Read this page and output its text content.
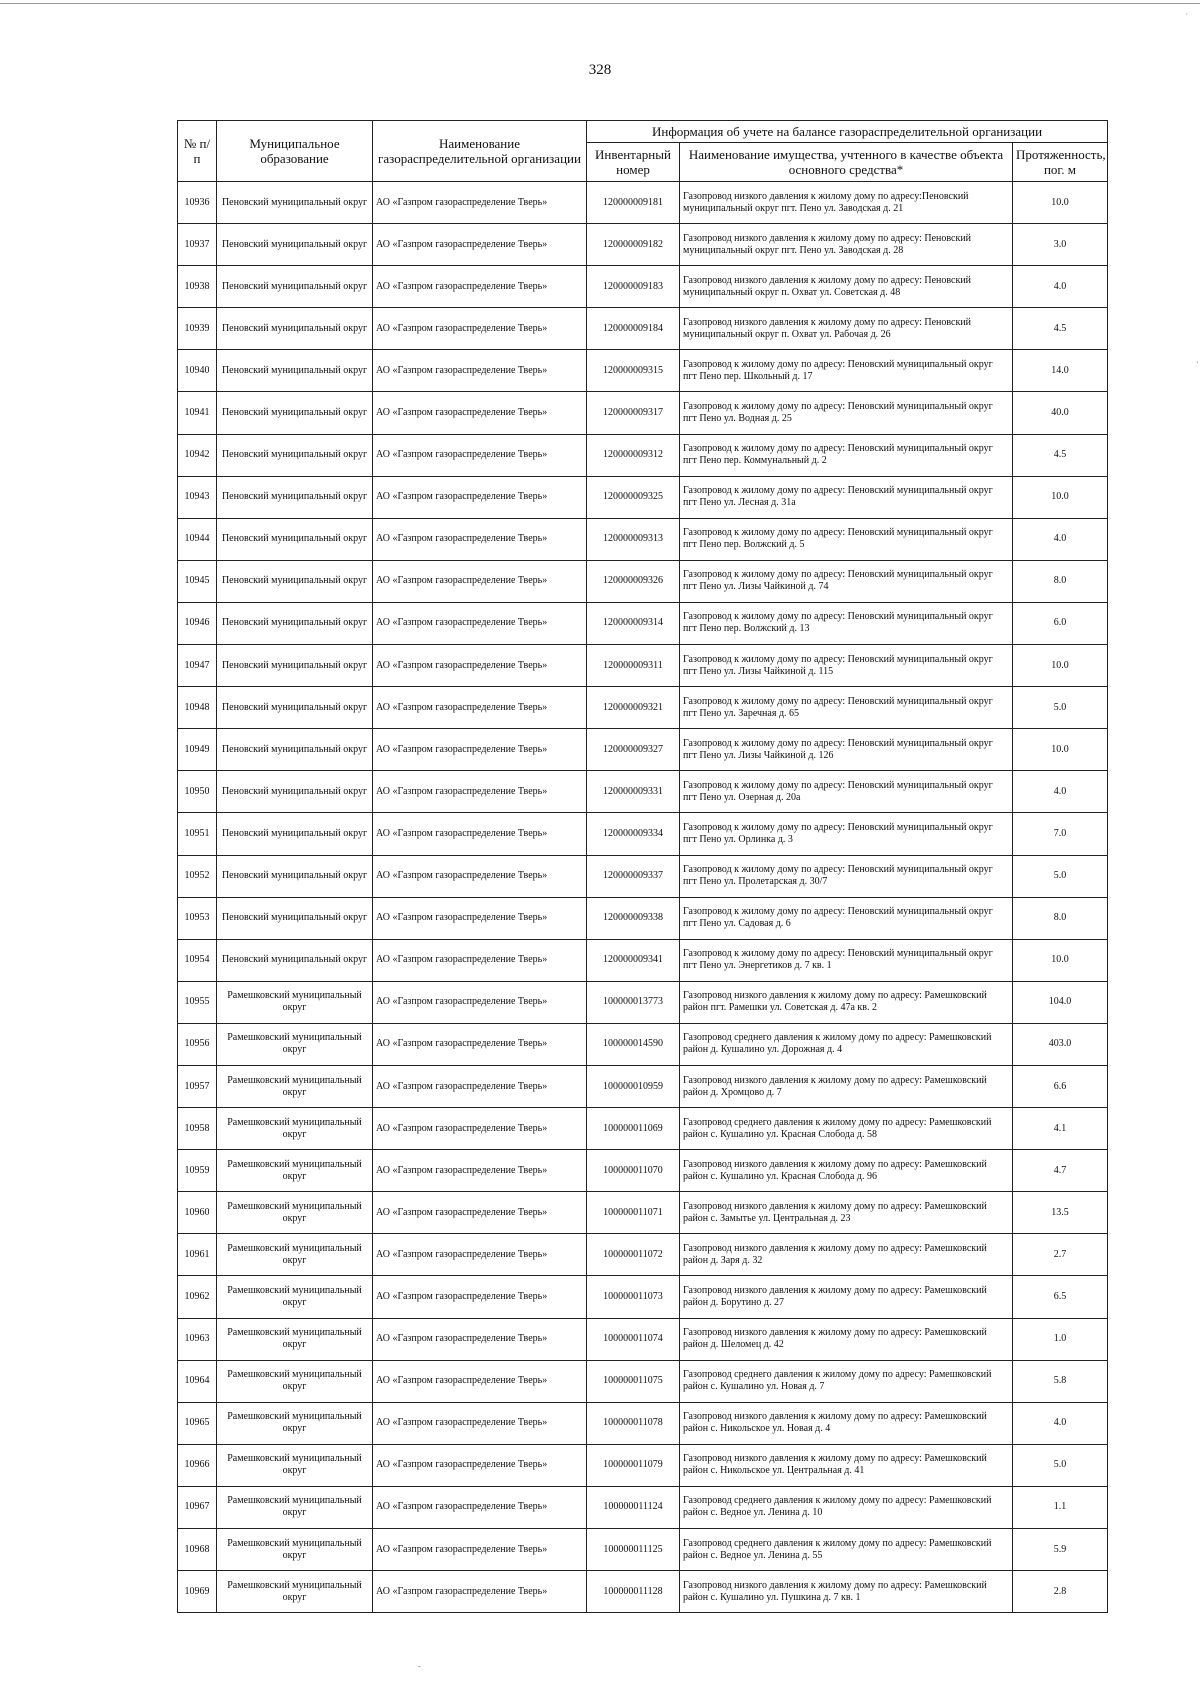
·
'
328
№ п/п	Муниципальное образование	Наименование газораспределительной организации	Информация об учете на балансе газораспределительной организации		
			Инвентарный номер	Наименование имущества, учтенного в качестве объекта основного средства*	Протяженность, пог. м
10936	Пеновский муниципальный округ	АО «Газпром газораспределение Тверь»	120000009181	Газопровод низкого давления к жилому дому по адресу:Пеновский муниципальный округ пгт. Пено ул. Заводская д. 21	10.0
10937	Пеновский муниципальный округ	АО «Газпром газораспределение Тверь»	120000009182	Газопровод низкого давления к жилому дому по адресу: Пеновский муниципальный округ пгт. Пено ул. Заводская д. 28	3.0
10938	Пеновский муниципальный округ	АО «Газпром газораспределение Тверь»	120000009183	Газопровод низкого давления к жилому дому по адресу: Пеновский муниципальный округ п. Охват ул. Советская д. 48	4.0
10939	Пеновский муниципальный округ	АО «Газпром газораспределение Тверь»	120000009184	Газопровод низкого давления к жилому дому по адресу: Пеновский муниципальный округ п. Охват ул. Рабочая д. 26	4.5
10940	Пеновский муниципальный округ	АО «Газпром газораспределение Тверь»	120000009315	Газопровод к жилому дому по адресу: Пеновский муниципальный округ пгт Пено пер. Школьный д. 17	14.0
10941	Пеновский муниципальный округ	АО «Газпром газораспределение Тверь»	120000009317	Газопровод к жилому дому по адресу: Пеновский муниципальный округ пгт Пено ул. Водная д. 25	40.0
10942	Пеновский муниципальный округ	АО «Газпром газораспределение Тверь»	120000009312	Газопровод к жилому дому по адресу: Пеновский муниципальный округ пгт Пено пер. Коммунальный д. 2	4.5
10943	Пеновский муниципальный округ	АО «Газпром газораспределение Тверь»	120000009325	Газопровод к жилому дому по адресу: Пеновский муниципальный округ пгт Пено ул. Лесная д. 31а	10.0
10944	Пеновский муниципальный округ	АО «Газпром газораспределение Тверь»	120000009313	Газопровод к жилому дому по адресу: Пеновский муниципальный округ пгт Пено пер. Волжский д. 5	4.0
10945	Пеновский муниципальный округ	АО «Газпром газораспределение Тверь»	120000009326	Газопровод к жилому дому по адресу: Пеновский муниципальный округ пгт Пено ул. Лизы Чайкиной д. 74	8.0
10946	Пеновский муниципальный округ	АО «Газпром газораспределение Тверь»	120000009314	Газопровод к жилому дому по адресу: Пеновский муниципальный округ пгт Пено пер. Волжский д. 13	6.0
10947	Пеновский муниципальный округ	АО «Газпром газораспределение Тверь»	120000009311	Газопровод к жилому дому по адресу: Пеновский муниципальный округ пгт Пено ул. Лизы Чайкиной д. 115	10.0
10948	Пеновский муниципальный округ	АО «Газпром газораспределение Тверь»	120000009321	Газопровод к жилому дому по адресу: Пеновский муниципальный округ пгт Пено ул. Заречная д. 65	5.0
10949	Пеновский муниципальный округ	АО «Газпром газораспределение Тверь»	120000009327	Газопровод к жилому дому по адресу: Пеновский муниципальный округ пгт Пено ул. Лизы Чайкиной д. 126	10.0
10950	Пеновский муниципальный округ	АО «Газпром газораспределение Тверь»	120000009331	Газопровод к жилому дому по адресу: Пеновский муниципальный округ пгт Пено ул. Озерная д. 20а	4.0
10951	Пеновский муниципальный округ	АО «Газпром газораспределение Тверь»	120000009334	Газопровод к жилому дому по адресу: Пеновский муниципальный округ пгт Пено ул. Орлинка д. 3	7.0
10952	Пеновский муниципальный округ	АО «Газпром газораспределение Тверь»	120000009337	Газопровод к жилому дому по адресу: Пеновский муниципальный округ пгт Пено ул. Пролетарская д. 30/7	5.0
10953	Пеновский муниципальный округ	АО «Газпром газораспределение Тверь»	120000009338	Газопровод к жилому дому по адресу: Пеновский муниципальный округ пгт Пено ул. Садовая д. 6	8.0
10954	Пеновский муниципальный округ	АО «Газпром газораспределение Тверь»	120000009341	Газопровод к жилому дому по адресу: Пеновский муниципальный округ пгт Пено ул. Энергетиков д. 7 кв. 1	10.0
10955	Рамешковский муниципальный округ	АО «Газпром газораспределение Тверь»	100000013773	Газопровод низкого давления к жилому дому по адресу: Рамешковский район пгт. Рамешки ул. Советская д. 47а кв. 2	104.0
10956	Рамешковский муниципальный округ	АО «Газпром газораспределение Тверь»	100000014590	Газопровод среднего давления к жилому дому по адресу: Рамешковский район д. Кушалино ул. Дорожная д. 4	403.0
10957	Рамешковский муниципальный округ	АО «Газпром газораспределение Тверь»	100000010959	Газопровод низкого давления к жилому дому по адресу: Рамешковский район д. Хромцово д. 7	6.6
10958	Рамешковский муниципальный округ	АО «Газпром газораспределение Тверь»	100000011069	Газопровод среднего давления к жилому дому по адресу: Рамешковский район с. Кушалино ул. Красная Слобода д. 58	4.1
10959	Рамешковский муниципальный округ	АО «Газпром газораспределение Тверь»	100000011070	Газопровод низкого давления к жилому дому по адресу: Рамешковский район с. Кушалино ул. Красная Слобода д. 96	4.7
10960	Рамешковский муниципальный округ	АО «Газпром газораспределение Тверь»	100000011071	Газопровод низкого давления к жилому дому по адресу: Рамешковский район с. Замытье ул. Центральная д. 23	13.5
10961	Рамешковский муниципальный округ	АО «Газпром газораспределение Тверь»	100000011072	Газопровод низкого давления к жилому дому по адресу: Рамешковский район д. Заря д. 32	2.7
10962	Рамешковский муниципальный округ	АО «Газпром газораспределение Тверь»	100000011073	Газопровод низкого давления к жилому дому по адресу: Рамешковский район д. Борутино д. 27	6.5
10963	Рамешковский муниципальный округ	АО «Газпром газораспределение Тверь»	100000011074	Газопровод низкого давления к жилому дому по адресу: Рамешковский район д. Шеломец д. 42	1.0
10964	Рамешковский муниципальный округ	АО «Газпром газораспределение Тверь»	100000011075	Газопровод среднего давления к жилому дому по адресу: Рамешковский район с. Кушалино ул. Новая д. 7	5.8
10965	Рамешковский муниципальный округ	АО «Газпром газораспределение Тверь»	100000011078	Газопровод низкого давления к жилому дому по адресу: Рамешковский район с. Никольское ул. Новая д. 4	4.0
10966	Рамешковский муниципальный округ	АО «Газпром газораспределение Тверь»	100000011079	Газопровод низкого давления к жилому дому по адресу: Рамешковский район с. Никольское ул. Центральная д. 41	5.0
10967	Рамешковский муниципальный округ	АО «Газпром газораспределение Тверь»	100000011124	Газопровод среднего давления к жилому дому по адресу: Рамешковский район с. Ведное ул. Ленина д. 10	1.1
10968	Рамешковский муниципальный округ	АО «Газпром газораспределение Тверь»	100000011125	Газопровод среднего давления к жилому дому по адресу: Рамешковский район с. Ведное ул. Ленина д. 55	5.9
10969	Рамешковский муниципальный округ	АО «Газпром газораспределение Тверь»	100000011128	Газопровод низкого давления к жилому дому по адресу: Рамешковский район с. Кушалино ул. Пушкина д. 7 кв. 1	2.8
-
